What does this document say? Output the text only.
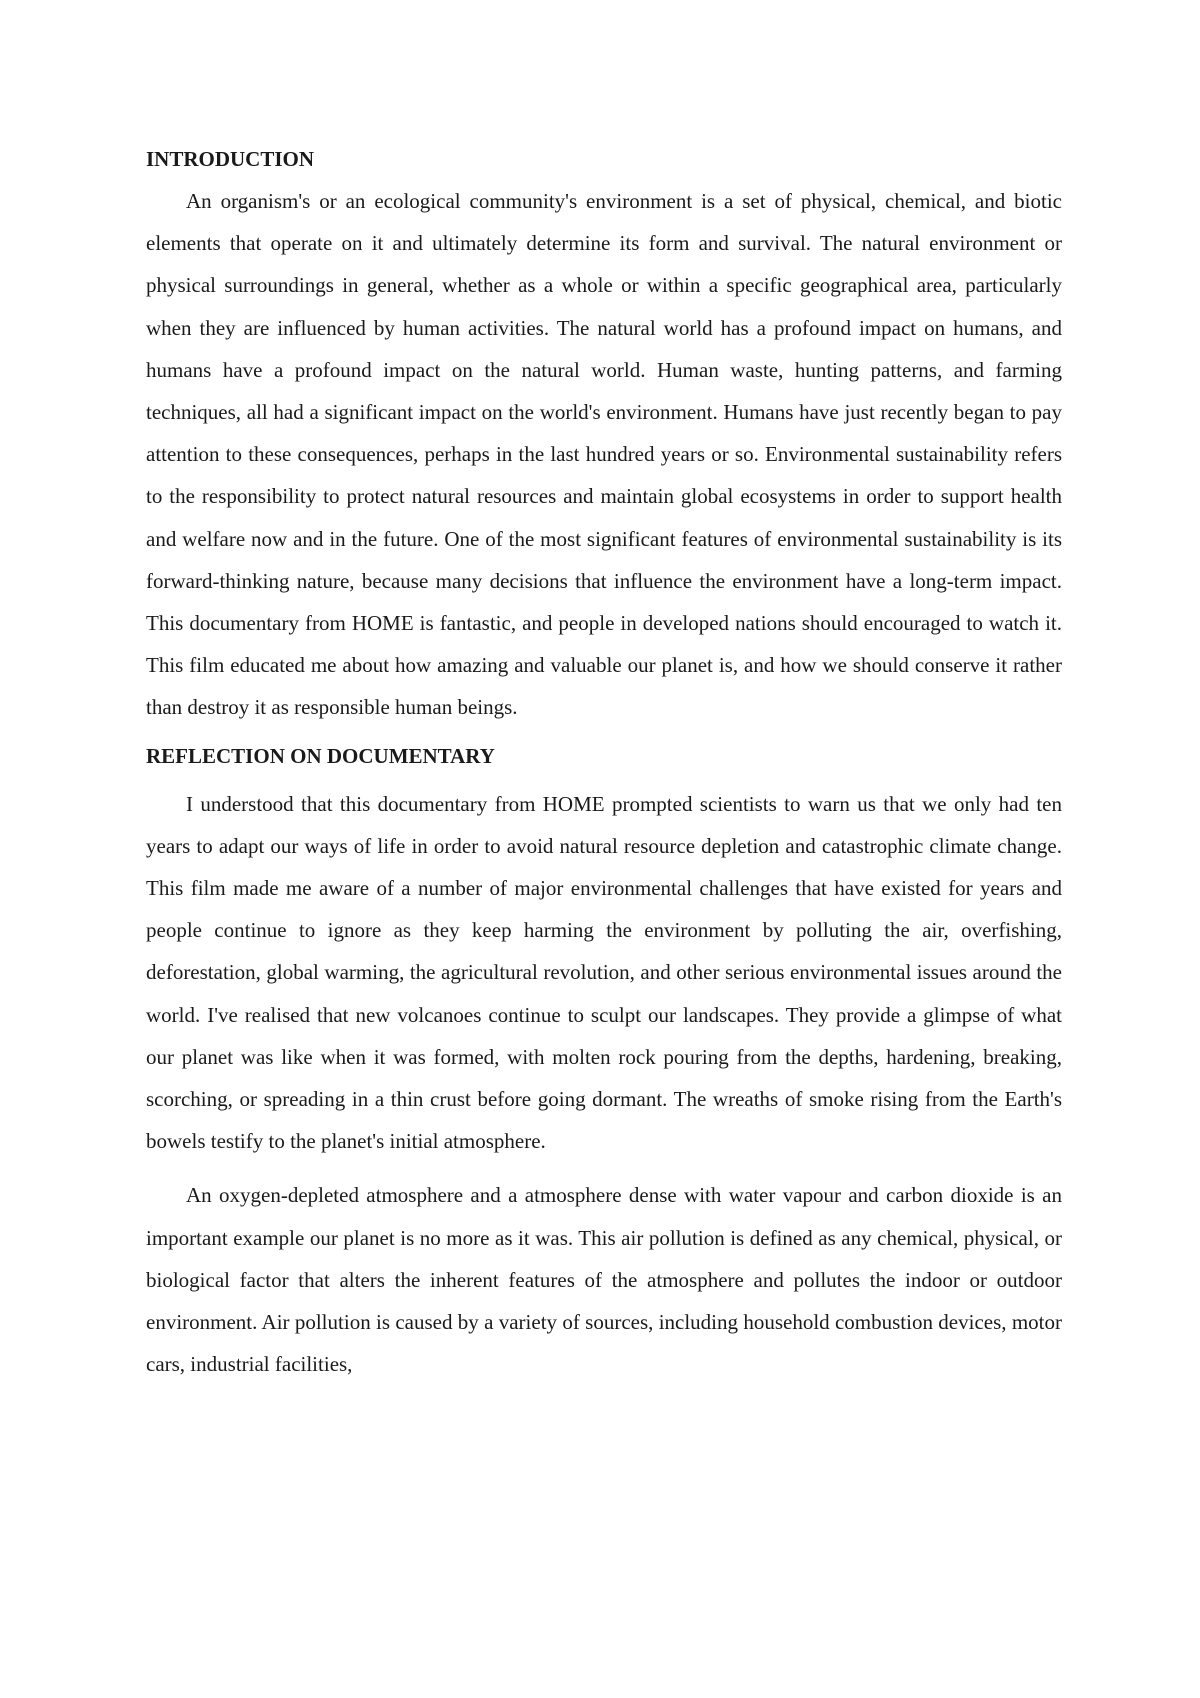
INTRODUCTION

An organism's or an ecological community's environment is a set of physical, chemical, and biotic elements that operate on it and ultimately determine its form and survival. The natural environment or physical surroundings in general, whether as a whole or within a specific geographical area, particularly when they are influenced by human activities. The natural world has a profound impact on humans, and humans have a profound impact on the natural world. Human waste, hunting patterns, and farming techniques, all had a significant impact on the world's environment. Humans have just recently began to pay attention to these consequences, perhaps in the last hundred years or so. Environmental sustainability refers to the responsibility to protect natural resources and maintain global ecosystems in order to support health and welfare now and in the future. One of the most significant features of environmental sustainability is its forward-thinking nature, because many decisions that influence the environment have a long-term impact. This documentary from HOME is fantastic, and people in developed nations should encouraged to watch it. This film educated me about how amazing and valuable our planet is, and how we should conserve it rather than destroy it as responsible human beings.

REFLECTION ON DOCUMENTARY

I understood that this documentary from HOME prompted scientists to warn us that we only had ten years to adapt our ways of life in order to avoid natural resource depletion and catastrophic climate change. This film made me aware of a number of major environmental challenges that have existed for years and people continue to ignore as they keep harming the environment by polluting the air, overfishing, deforestation, global warming, the agricultural revolution, and other serious environmental issues around the world. I've realised that new volcanoes continue to sculpt our landscapes. They provide a glimpse of what our planet was like when it was formed, with molten rock pouring from the depths, hardening, breaking, scorching, or spreading in a thin crust before going dormant. The wreaths of smoke rising from the Earth's bowels testify to the planet's initial atmosphere.

An oxygen-depleted atmosphere and a atmosphere dense with water vapour and carbon dioxide is an important example our planet is no more as it was. This air pollution is defined as any chemical, physical, or biological factor that alters the inherent features of the atmosphere and pollutes the indoor or outdoor environment. Air pollution is caused by a variety of sources, including household combustion devices, motor cars, industrial facilities,
